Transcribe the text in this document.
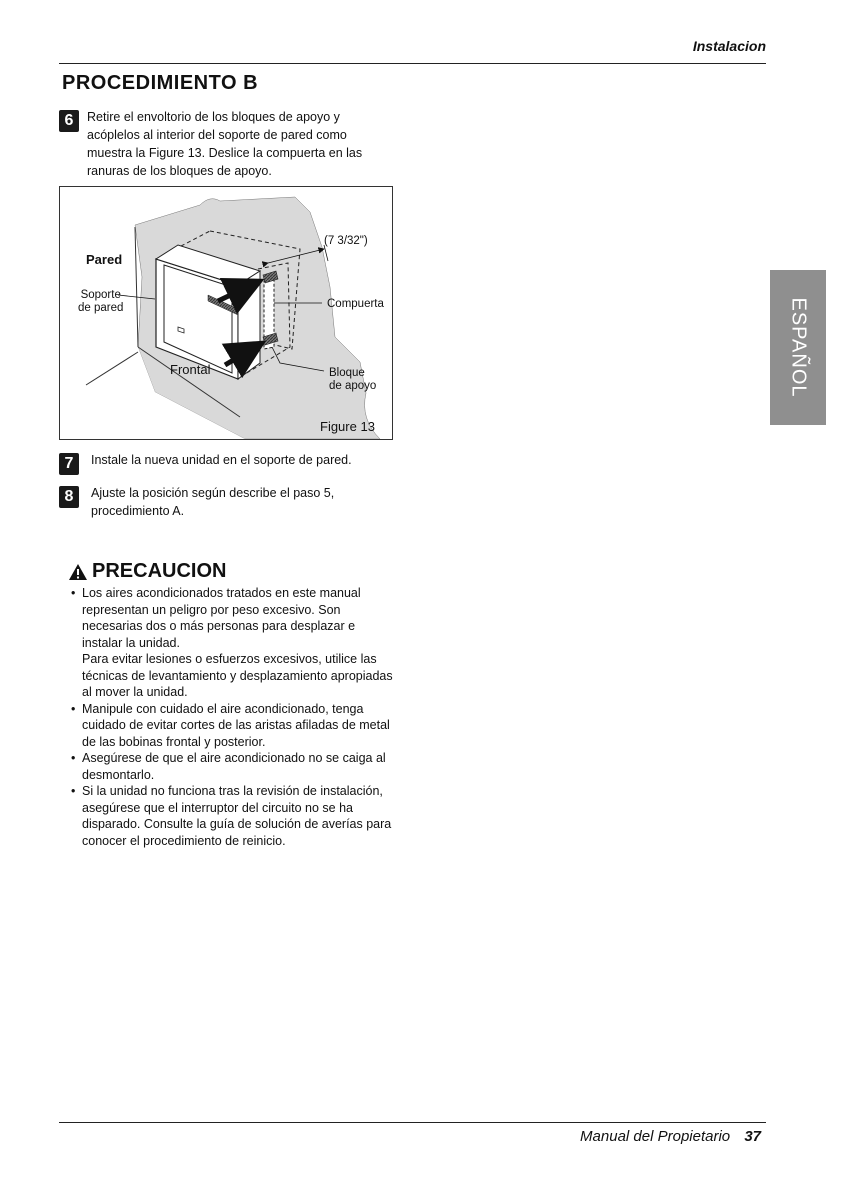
Instalacion
PROCEDIMIENTO B
6	Retire el envoltorio de los bloques de apoyo y acóplelos al interior del soporte de pared como muestra la Figure 13. Deslice la compuerta en las ranuras de los bloques de apoyo.
(7 3/32")
Pared
Soporte
de pared	Compuerta
Frontal	Bloque
de apoyo
Figure 13
7	Instale la nueva unidad en el soporte de pared.
8	Ajuste la posición según describe el paso 5, procedimiento A.
PRECAUCION
• Los aires acondicionados tratados en este manual representan un peligro por peso excesivo. Son necesarias dos o más personas para desplazar e instalar la unidad.
Para evitar lesiones o esfuerzos excesivos, utilice las técnicas de levantamiento y desplazamiento apropiadas al mover la unidad.
• Manipule con cuidado el aire acondicionado, tenga cuidado de evitar cortes de las aristas afiladas de metal de las bobinas frontal y posterior.
• Asegúrese de que el aire acondicionado no se caiga al desmontarlo.
• Si la unidad no funciona tras la revisión de instalación, asegúrese que el interruptor del circuito no se ha disparado. Consulte la guía de solución de averías para conocer el procedimiento de reinicio.
ESPAÑOL
Manual del Propietario 37
